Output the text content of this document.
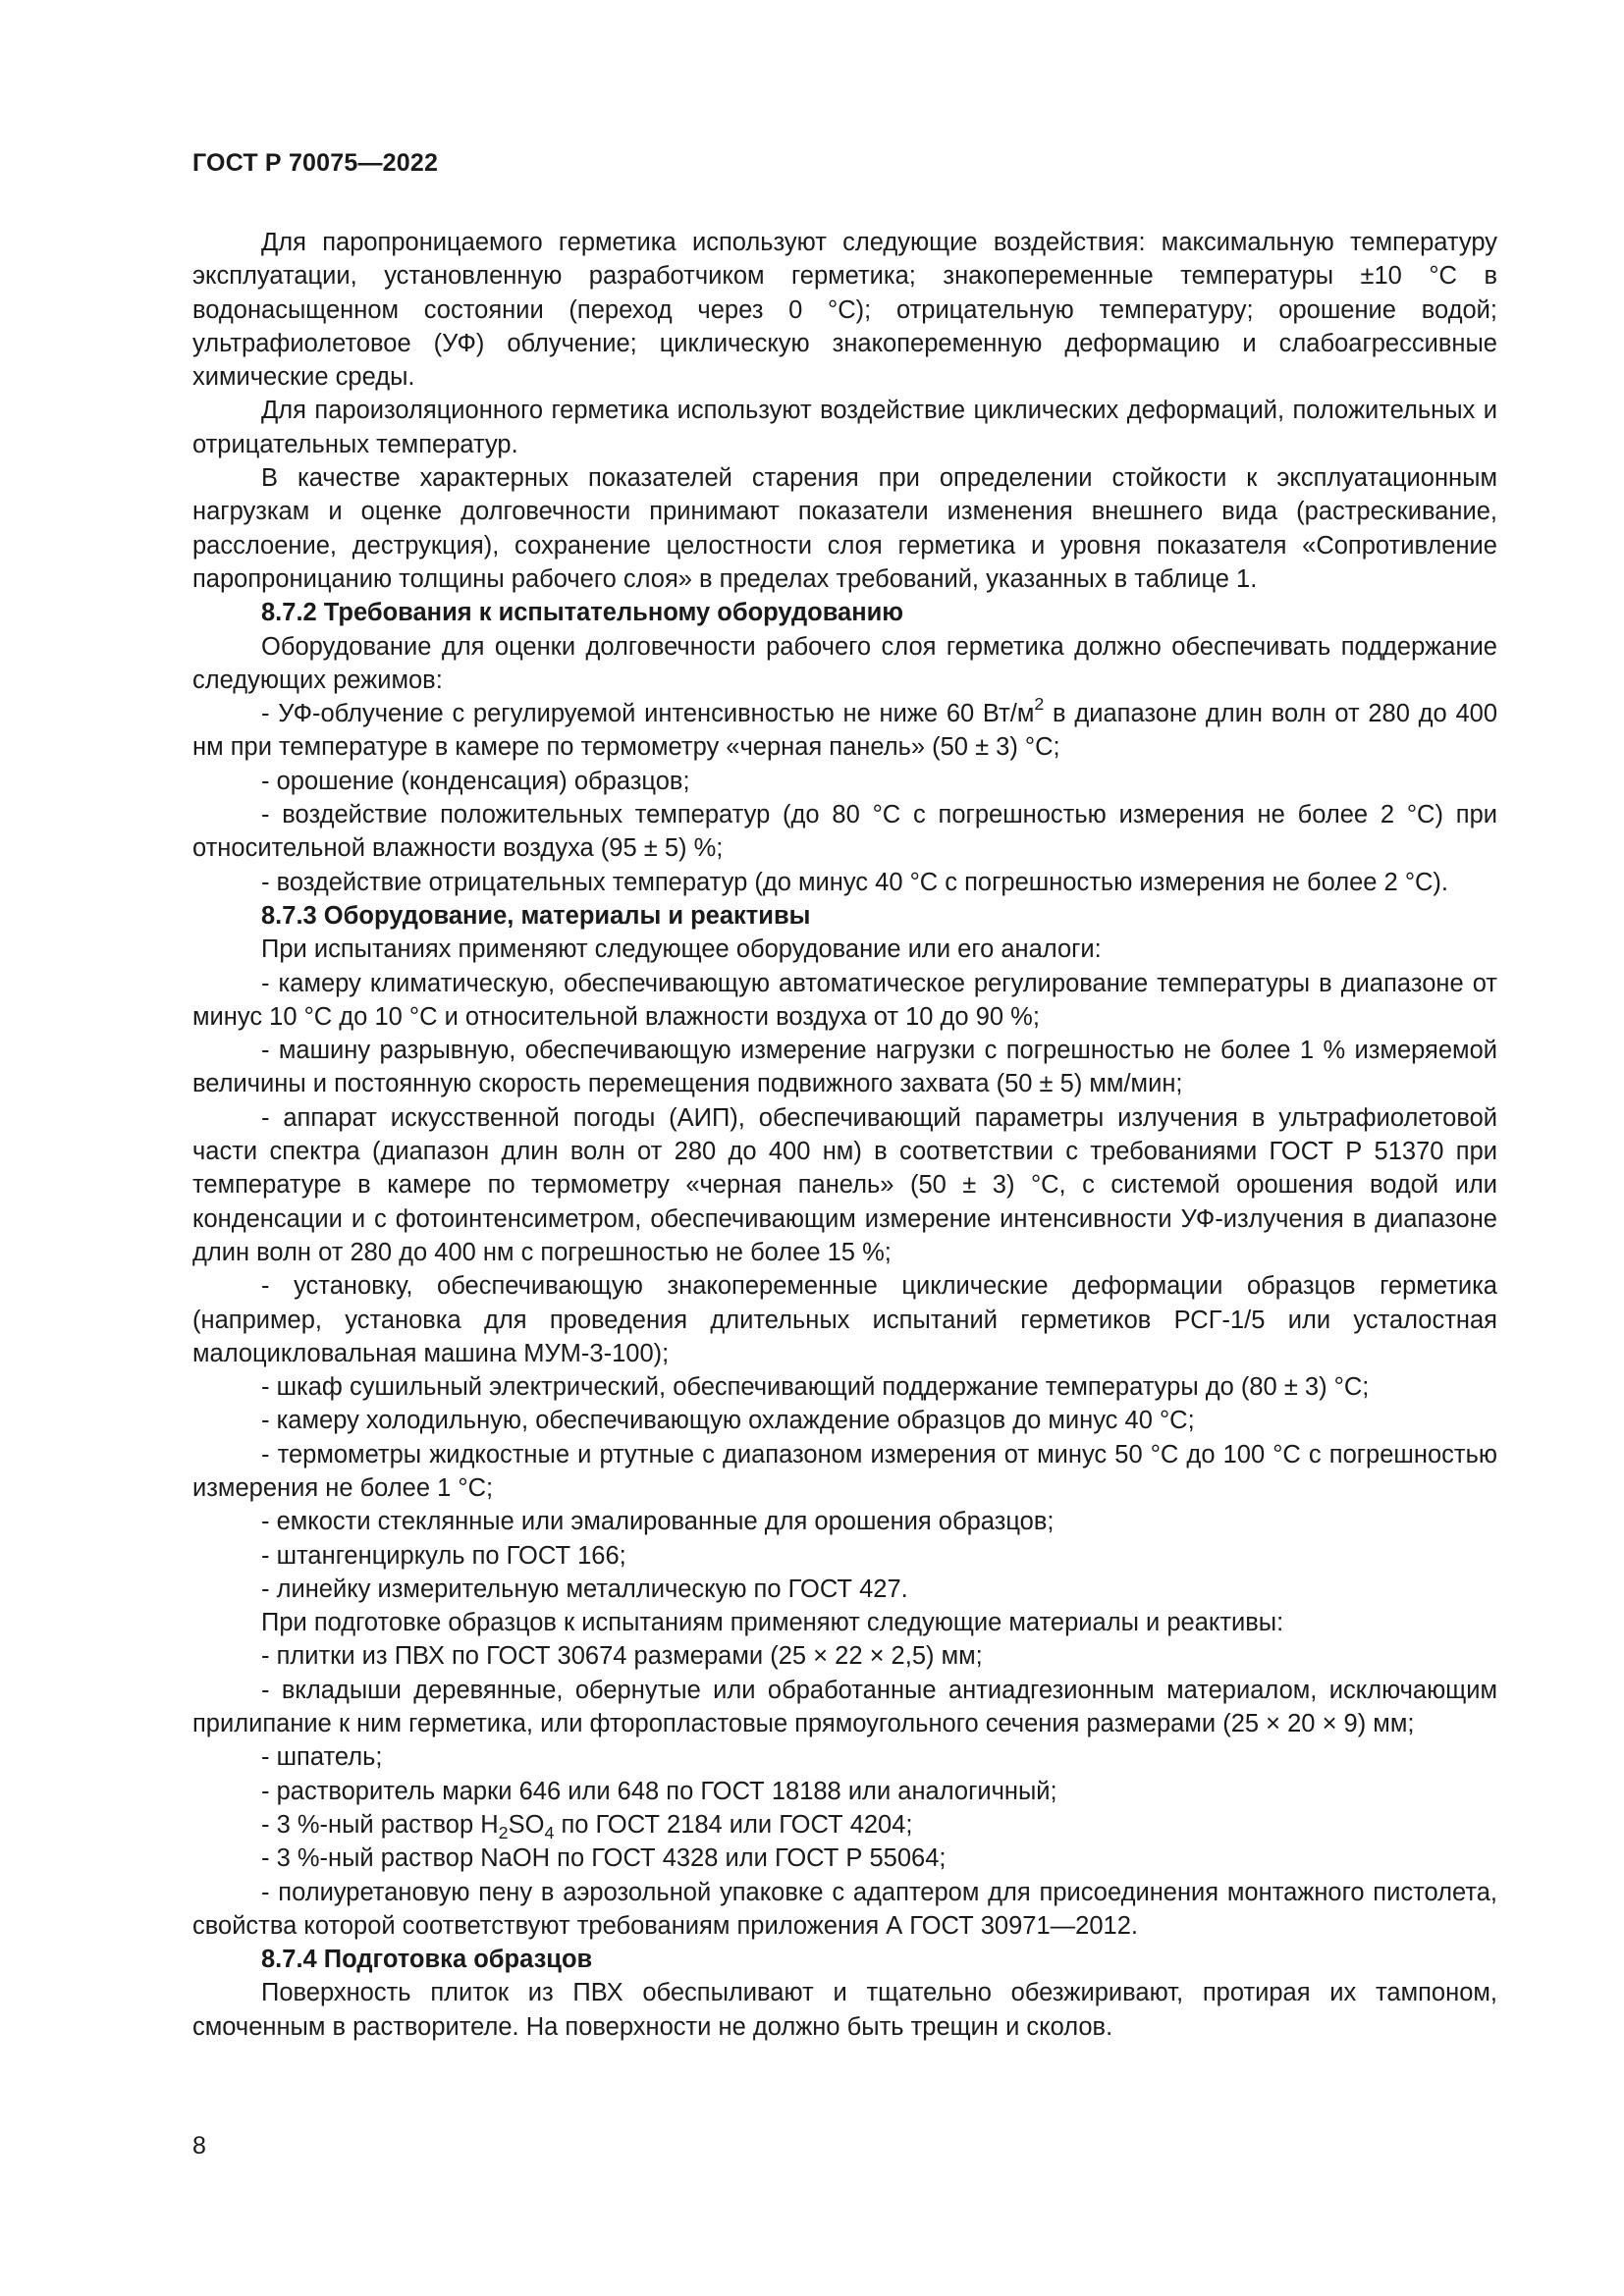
ГОСТ Р 70075—2022

Для паропроницаемого герметика используют следующие воздействия: максимальную температуру эксплуатации, установленную разработчиком герметика; знакопеременные температуры ±10 °С в водонасыщенном состоянии (переход через 0 °С); отрицательную температуру; орошение водой; ультрафиолетовое (УФ) облучение; циклическую знакопеременную деформацию и слабоагрессивные химические среды.

Для пароизоляционного герметика используют воздействие циклических деформаций, положительных и отрицательных температур.

В качестве характерных показателей старения при определении стойкости к эксплуатационным нагрузкам и оценке долговечности принимают показатели изменения внешнего вида (растрескивание, расслоение, деструкция), сохранение целостности слоя герметика и уровня показателя «Сопротивление паропроницанию толщины рабочего слоя» в пределах требований, указанных в таблице 1.

8.7.2 Требования к испытательному оборудованию

Оборудование для оценки долговечности рабочего слоя герметика должно обеспечивать поддержание следующих режимов:

- УФ-облучение с регулируемой интенсивностью не ниже 60 $Вт/м^2$ в диапазоне длин волн от 280 до 400 нм при температуре в камере по термометру «черная панель» (50 ± 3) °С;

- орошение (конденсация) образцов;

- воздействие положительных температур (до 80 °С с погрешностью измерения не более 2 °С) при относительной влажности воздуха (95 ± 5) %;

- воздействие отрицательных температур (до минус 40 °С с погрешностью измерения не более 2 °С).

8.7.3 Оборудование, материалы и реактивы

При испытаниях применяют следующее оборудование или его аналоги:

- камеру климатическую, обеспечивающую автоматическое регулирование температуры в диапазоне от минус 10 °С до 10 °С и относительной влажности воздуха от 10 до 90 %;

- машину разрывную, обеспечивающую измерение нагрузки с погрешностью не более 1 % измеряемой величины и постоянную скорость перемещения подвижного захвата (50 ± 5) мм/мин;

- аппарат искусственной погоды (АИП), обеспечивающий параметры излучения в ультрафиолетовой части спектра (диапазон длин волн от 280 до 400 нм) в соответствии с требованиями ГОСТ Р 51370 при температуре в камере по термометру «черная панель» (50 ± 3) °С, с системой орошения водой или конденсации и с фотоинтенсиметром, обеспечивающим измерение интенсивности УФ-излучения в диапазоне длин волн от 280 до 400 нм с погрешностью не более 15 %;

- установку, обеспечивающую знакопеременные циклические деформации образцов герметика (например, установка для проведения длительных испытаний герметиков РСГ-1/5 или усталостная малоцикловальная машина МУМ-3-100);

- шкаф сушильный электрический, обеспечивающий поддержание температуры до (80 ± 3) °С;

- камеру холодильную, обеспечивающую охлаждение образцов до минус 40 °С;

- термометры жидкостные и ртутные с диапазоном измерения от минус 50 °С до 100 °С с погрешностью измерения не более 1 °С;

- емкости стеклянные или эмалированные для орошения образцов;

- штангенциркуль по ГОСТ 166;

- линейку измерительную металлическую по ГОСТ 427.

При подготовке образцов к испытаниям применяют следующие материалы и реактивы:

- плитки из ПВХ по ГОСТ 30674 размерами (25 × 22 × 2,5) мм;

- вкладыши деревянные, обернутые или обработанные антиадгезионным материалом, исключающим прилипание к ним герметика, или фторопластовые прямоугольного сечения размерами (25 × 20 × 9) мм;

- шпатель;

- растворитель марки 646 или 648 по ГОСТ 18188 или аналогичный;

- 3 %-ный раствор $H_2SO_4$ по ГОСТ 2184 или ГОСТ 4204;

- 3 %-ный раствор NaOH по ГОСТ 4328 или ГОСТ Р 55064;

- полиуретановую пену в аэрозольной упаковке с адаптером для присоединения монтажного пистолета, свойства которой соответствуют требованиям приложения А ГОСТ 30971—2012.

8.7.4 Подготовка образцов

Поверхность плиток из ПВХ обеспыливают и тщательно обезжиривают, протирая их тампоном, смоченным в растворителе. На поверхности не должно быть трещин и сколов.

8
